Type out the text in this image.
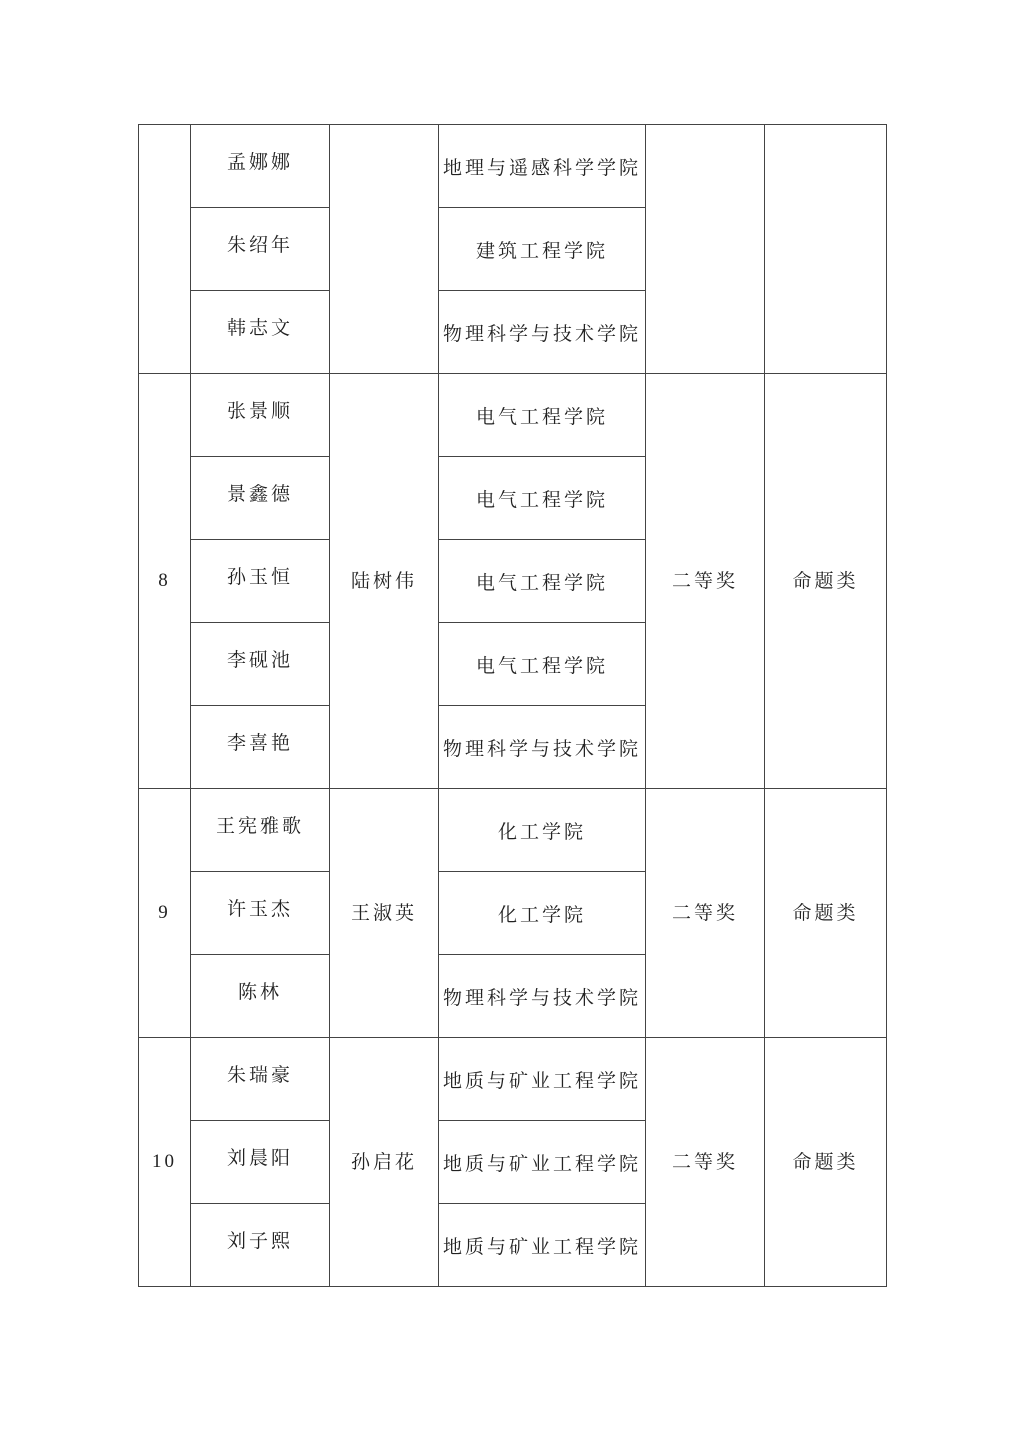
	孟娜娜		地理与遥感科学学院		
	朱绍年		建筑工程学院		
	韩志文		物理科学与技术学院		
8	张景顺	陆树伟	电气工程学院	二等奖	命题类
	景鑫德		电气工程学院		
	孙玉恒		电气工程学院		
	李砚池		电气工程学院		
	李喜艳		物理科学与技术学院		
9	王宪雅歌	王淑英	化工学院	二等奖	命题类
	许玉杰		化工学院		
	陈林		物理科学与技术学院		
10	朱瑞豪	孙启花	地质与矿业工程学院	二等奖	命题类
	刘晨阳		地质与矿业工程学院		
	刘子熙		地质与矿业工程学院		
